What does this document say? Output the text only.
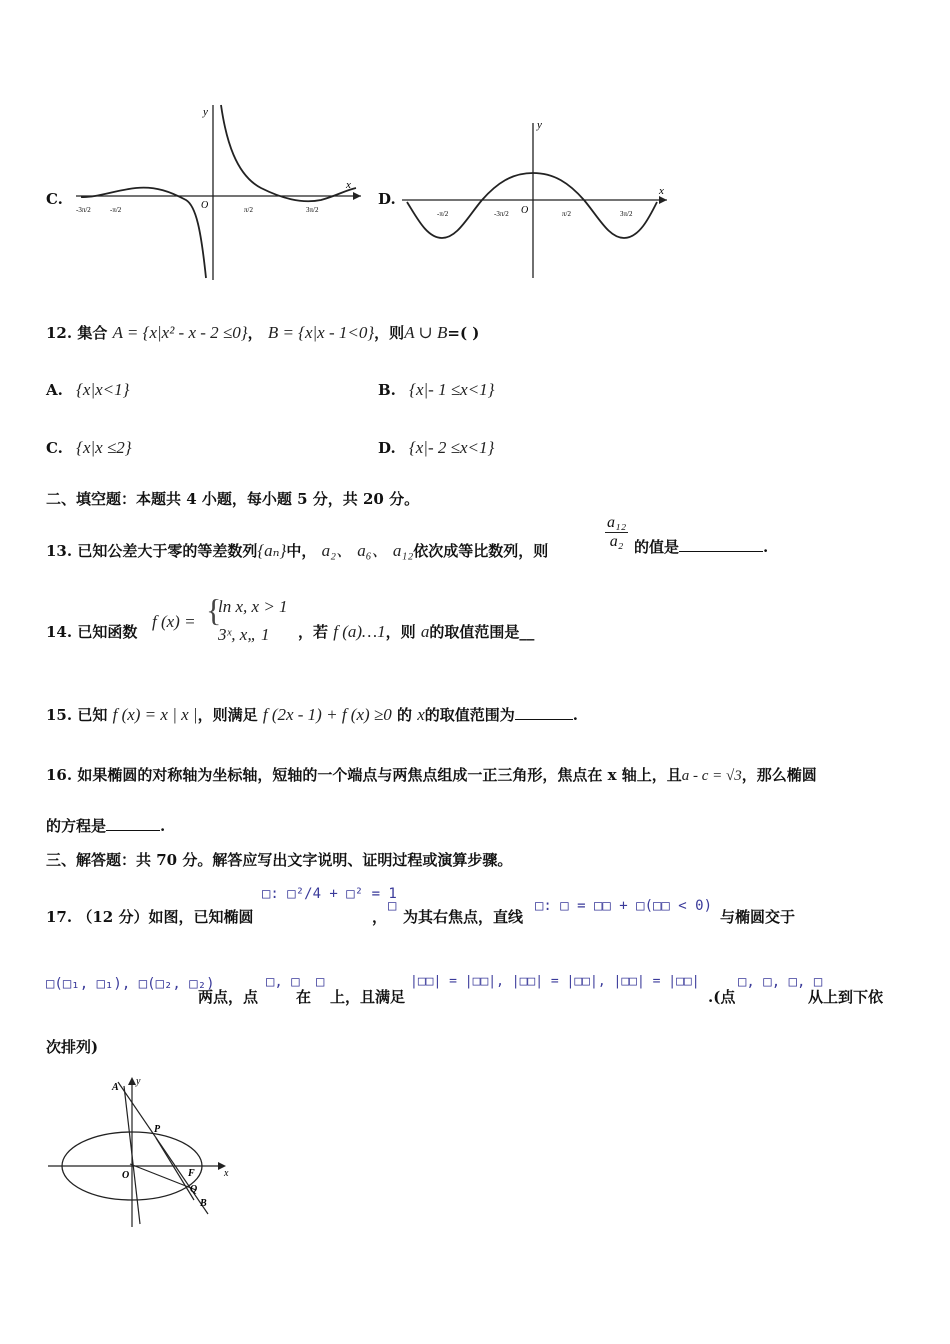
C.
x
y
O
-π/2	π/2
-3π/2	3π/2
D.	x
y
O
-π/2	π/2
-3π/2	3π/2
12. 集合 A = {x|x² - x - 2 ≤0}， B = {x|x - 1<0}，则A ∪ B=( )
A. {x|x<1}	B. {x|- 1 ≤x<1}
C. {x|x ≤2}	D. {x|- 2 ≤x<1}
二、填空题：本题共 4 小题，每小题 5 分，共 20 分。
13. 已知公差大于零的等差数列{aₙ}中， a₂、 a₆、 a₁₂依次成等比数列，则	$\frac{\text{a₁₂}}{\text{a₂}}$ 的值是	.
14. 已知函数
f (x) = {
ln x, x > 1
3ˣ, x„ 1 ，若 f (a)…1，则 a的取值范围是__
15. 已知 f (x) = x | x |，则满足 f (2x - 1) + f (x) ≥0 的 x的取值范围为	.
16. 如果椭圆的对称轴为坐标轴，短轴的一个端点与两焦点组成一正三角形，焦点在 x 轴上，且a - c = √3，那么椭圆
的方程是	.
三、解答题：共 70 分。解答应写出文字说明、证明过程或演算步骤。
17. （12 分）如图，已知椭圆
□: □²/4 + □² = 1
，
□
为其右焦点，直线
□: □ = □□ + □(□□ < 0)
与椭圆交于
□(□₁, □₁), □(□₂, □₂)
两点，点
□, □
在
□
上，且满足
|□□| = |□□|, |□□| = |□□|, |□□| = |□□|
.(点
□, □, □, □
从上到下依
次排列)
x
y
A
P
O	F
Q
B
